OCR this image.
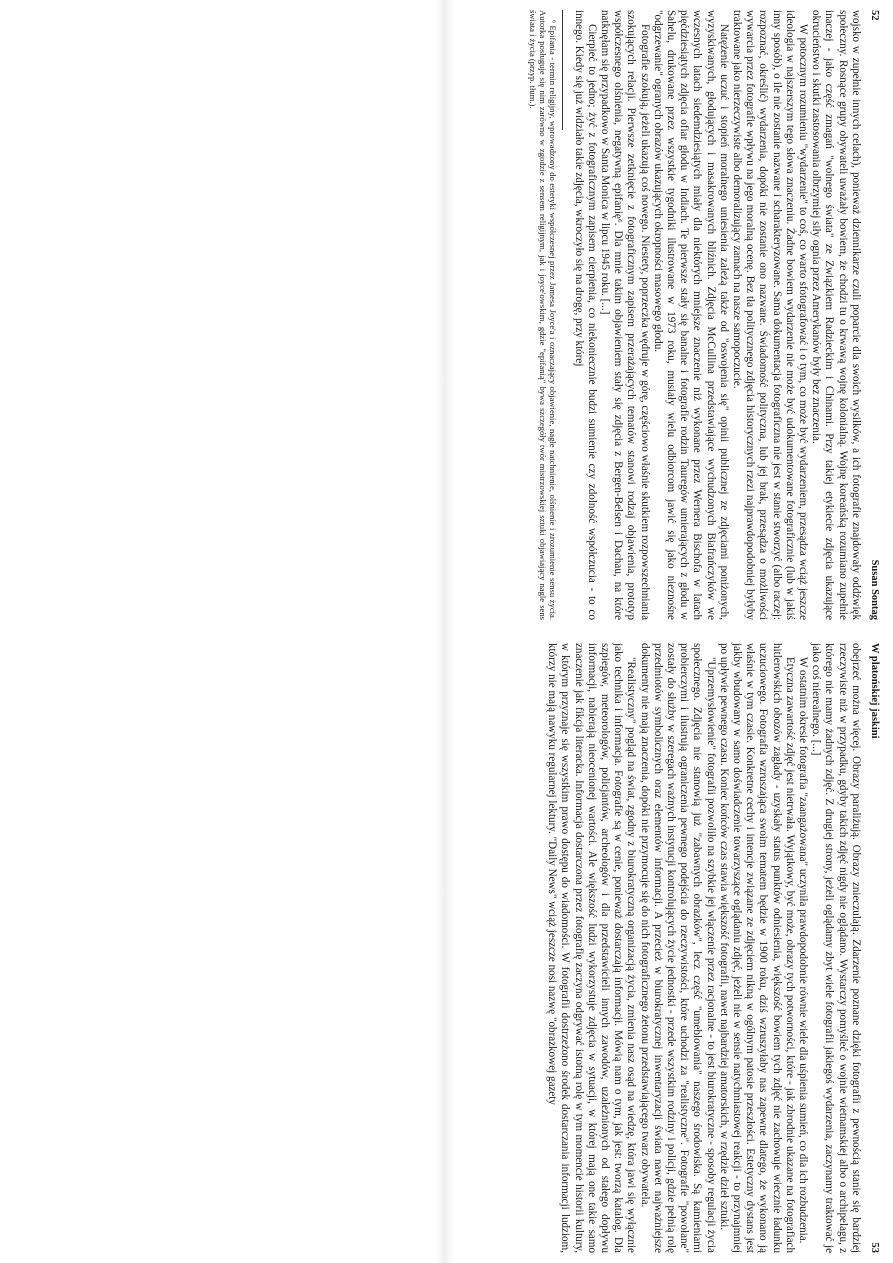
52
Susan Sontag

wojsko w zupełnie innych celach), ponieważ dziennikarze czuli poparcie dla swoich wysiłków, a ich fotografie znajdowały oddźwięk społeczny. Rosnące grupy obywateli uważały bowiem, że chodzi tu o krwawą wojnę kolonialną. Wojnę koreańską rozumiano zupełnie inaczej - jako część zmagań "wolnego świata" ze Związkiem Radzieckim i Chinami. Przy takiej etykiecie zdjęcia ukazujące okrucieństwo i skutki zastosowania olbrzymiej siły ognia przez Amerykanów były bez znaczenia.

W potocznym rozumieniu "wydarzenie" to coś, co warto sfotografować i o tym, co może być wydarzeniem, przesądza wciąż jeszcze ideologia w najszerszym tego słowa znaczeniu. Żadne bowiem wydarzenie nie może być udokumentowane fotograficznie (lub w jakiś inny sposób), o ile nie zostanie nazwane i scharakteryzowane. Sama dokumentacja fotograficzna nie jest w stanie stworzyć (albo raczej: rozpoznać, określić) wydarzenia, dopóki nie zostanie ono nazwane. Świadomość polityczna, lub jej brak, przesądza o możliwości wywarcia przez fotografie wpływu na jego moralną ocenę. Bez tła politycznego zdjęcia historycznych rzezi najprawdopodobniej byłyby traktowane jako nierzeczywiste albo demoralizujący zamach na nasze samopoczucie.

Natężenie uczuć i stopień moralnego uniesienia zależą także od "oswojenia się" opinii publicznej ze zdjęciami poniżonych, wyzyskiwanych, głodujących i masakrowanych bliźnich. Zdjęcia McCullina przedstawiające wychudzonych Biafrańczyków we wczesnych latach siedemdziesiątych miały dla niektórych mniejsze znaczenie niż wykonane przez Wernera Bischofa w latach pięćdziesiątych zdjęcia ofiar głodu w Indiach. Te pierwsze stały się banalne i fotografie rodzin Tauregów umierających z głodu w Sahelu, drukowane przez wszystkie tygodniki ilustrowane w 1973 roku, musiały wielu odbiorcom jawić się jako nieznośne "odgrzewanie" ogranych obrazów ukazujących okropności masowego głodu.

Fotografie szokują, jeżeli ukazują coś nowego. Niestety, poprzeczka wędruje w górę, częściowo właśnie skutkiem rozpowszechniania szokujących relacji. Pierwsze zetknięcie z fotograficznym zapisem przerażających tematów stanowi rodzaj objawienia, prototyp współczesnego olśnienia, negatywną epifanię⁶. Dla mnie takim objawieniem stały się zdjęcia z Bergen-Belsen i Dachau, na które natknęłam się przypadkowo w Santa Monica w lipcu 1945 roku. [...]

Cierpieć to jedno; żyć z fotograficznym zapisem cierpienia, co niekoniecznie budzi sumienie czy zdolność współczucia - to co innego. Kiedy się już widziało takie zdjęcia, wkroczyło się na drogę, przy której

⁶ Epifania - termin religijny, wprowadzony do estetyki współczesnej przez Jamesa Joyce'a i oznaczający objawienie, nagłe natchnienie, olśnienie i zrozumienie sensu życia. Autorka posługuje się nim zarówno w zgodzie z sensem religijnym, jak i joyce'owskim, gdzie "epifanią" bywa szczegóły twór mistrzowskiej sztuki objawiający nagle sens świata i życia (przyp. tłum.).

W platońskiej jaskini
53

obejrzeć można więcej. Obrazy paraliżują. Obrazy znieczulają. Zdarzenie poznane dzięki fotografii z pewnością stanie się bardziej rzeczywiste niż w przypadku, gdyby takich zdjęć nigdy nie oglądano. Wystarczy pomyśleć o wojnie wietnamskiej albo o archipelagu, z którego nie mamy żadnych zdjęć. Z drugiej strony, jeżeli oglądamy zbyt wiele fotografii jakiegoś wydarzenia, zaczynamy traktować je jako coś nierealnego. [...]

W ostatnim okresie fotografia "zaangażowana" uczyniła prawdopodobnie równie wiele dla uśpienia sumień, co dla ich rozbudzenia.

Etyczna zawartość zdjęć jest nietrwała. Wyjątkowy, być może, obrazy tych potworności, które - jak zbrodnie ukazane na fotografiach hitlerowskich obozów zagłady - uzyskały status punktów odniesienia, większość bowiem tych zdjęć nie zachowuje wiecznie ładunku uczuciowego. Fotografia wzruszająca swoim tematem będzie w 1900 roku, dziś wzruszyłaby nas zapewne dlatego, że wykonano ją właśnie w tym czasie. Konkretne cechy i intencje związane ze zdjęciem nikną w ogólnym patosie przeszłości. Estetyczny dystans jest jakby wbudowany w samo doświadczenie towarzyszące oglądaniu zdjęć, jeżeli nie w sensie natychmiastowej reakcji - to przynajmniej po upływie pewnego czasu. Koniec końców czas stawia większość fotografii, nawet najbardziej amatorskich, w rzędzie dzieł sztuki.

"Uprzemysłowienie" fotografii pozwoliło na szybkie jej włączenie przez racjonalne - to jest biurokratyczne - sposoby regulacji życia społecznego. Zdjęcia nie stanowią już "zabawnych obrazków", lecz część "umeblowania" naszego środowiska. Są kamieniami probierczymi i ilustrują ograniczenia pewnego podejścia do rzeczywistości, które uchodzi za "realistyczne". Fotografie "powołane" zostały do służby w szeregach ważnych instytucji kontrolujących życie jednostki - przede wszystkim rodziny i policji, gdzie pełnią rolę przedmiotów symbolicznych oraz elementów informacji. A przecież w biurokratycznej inwentaryzacji świata nawet najważniejsze dokumenty nie mają znaczenia, dopóki nie przymocuje się do nich fotograficznego żetonu przedstawiającego twarz obywatela.

"Realistyczny" pogląd na świat, zgodny z biurokratyczną organizacją życia, zmienia nasz osąd na wiedzę, która jawi się wyłącznie jako technika i informacja. Fotografie są w cenie, ponieważ dostarczają informacji. Mówią nam o tym, jak jest: tworzą katalog. Dla szpiegów, meteorologów, policjantów, archeologów i dla przedstawicieli innych zawodów, uzależnionych od stałego dopływu informacji, nabierają nieocenionej wartości. Ale większość ludzi wykorzystuje zdjęcia w sytuacji, w której mają one takie samo znaczenie jak fikcja literacka. Informacja dostarczona przez fotografię zaczyna odgrywać istotną rolę w tym momencie historii kultury, w którym przyznaje się wszystkim prawo dostępu do wiadomości. W fotografii dostrzeżono środek dostarczania informacji ludziom, którzy nie mają nawyku regularnej lektury. "Daily News" wciąż jeszcze nosi nazwę "obrazkowej gazety
